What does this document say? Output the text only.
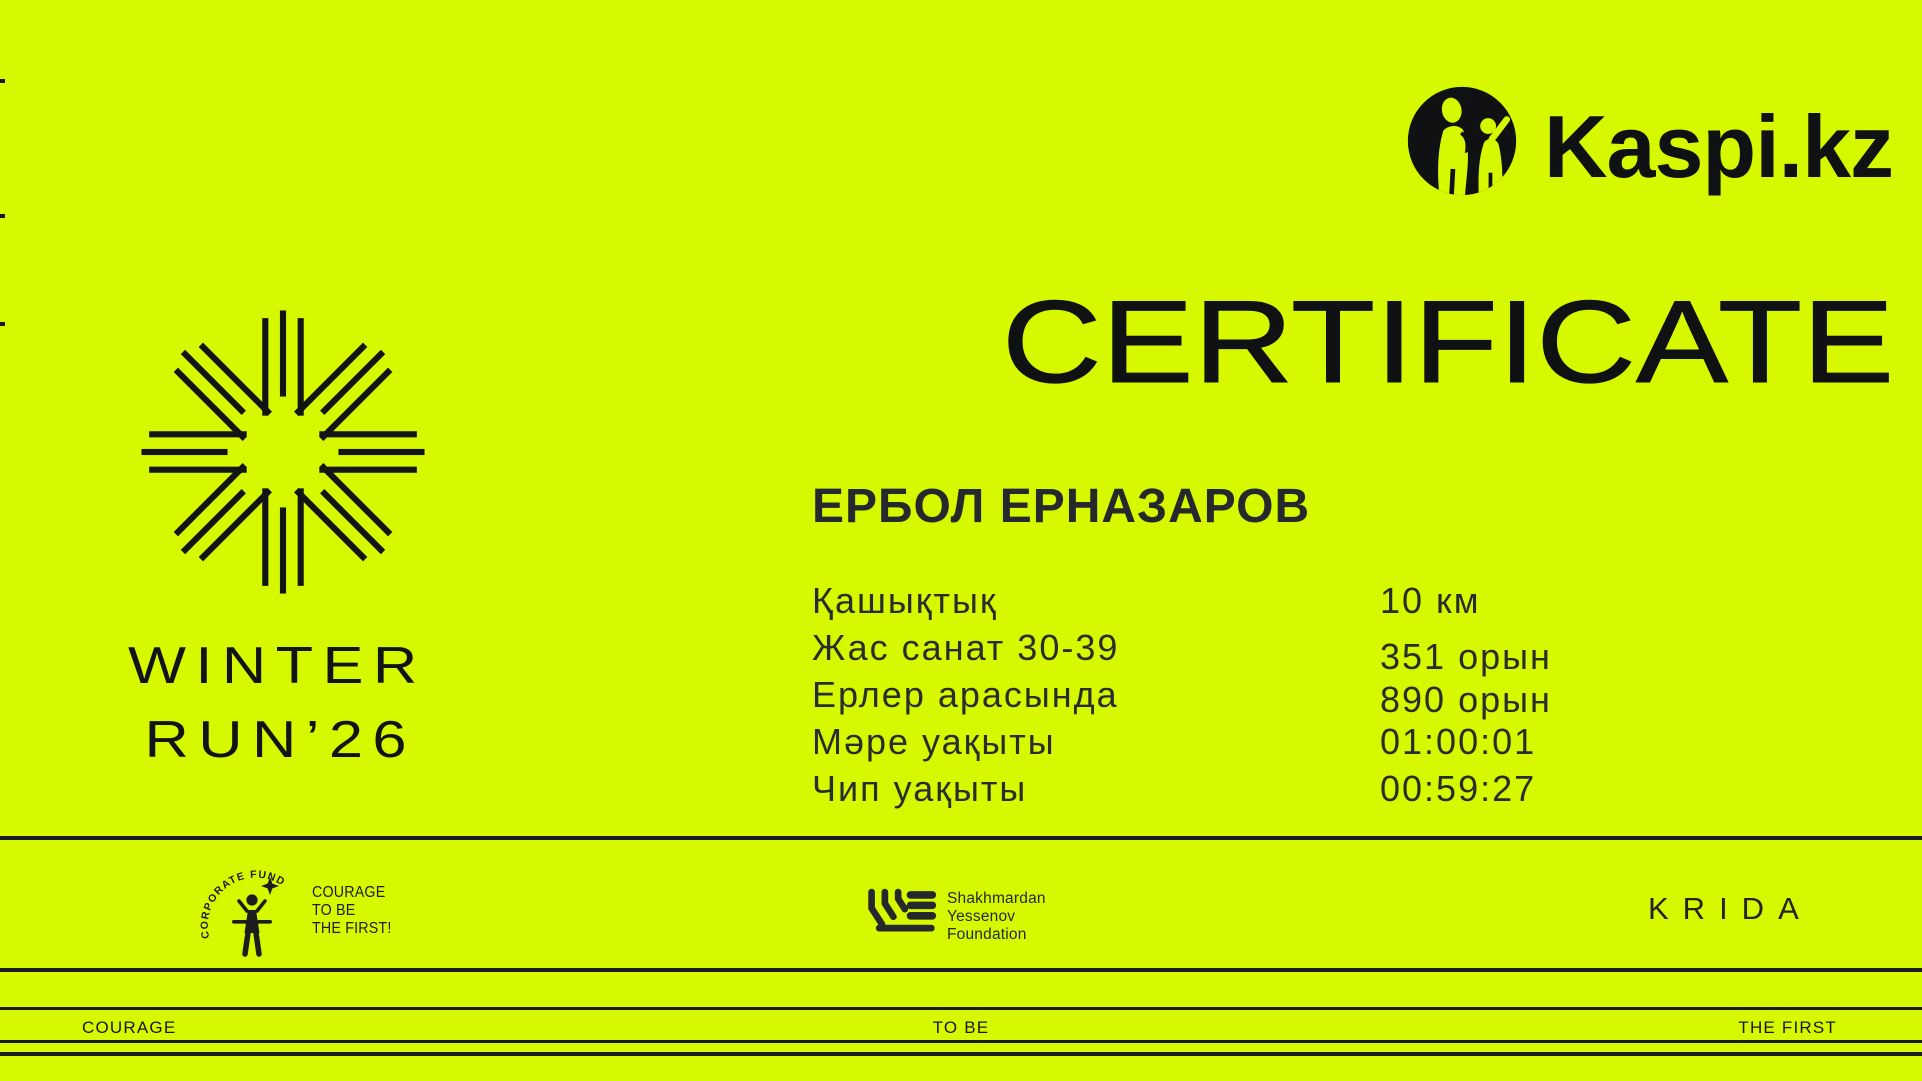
Kaspi.kz
CERTIFICATE
ЕРБОЛ ЕРНАЗАРОВ
Қашықтық	10 км
Жас санат 30-39	351 орын
Ерлер арасында	890 орын
Мәре уақыты	01:00:01
Чип уақыты	00:59:27
WINTER
RUN’26
CORPORATE FUND
COURAGE
TO BE
THE FIRST!
Shakhmardan
Yessenov
Foundation
KRIDA
COURAGE	TO BE	THE FIRST
